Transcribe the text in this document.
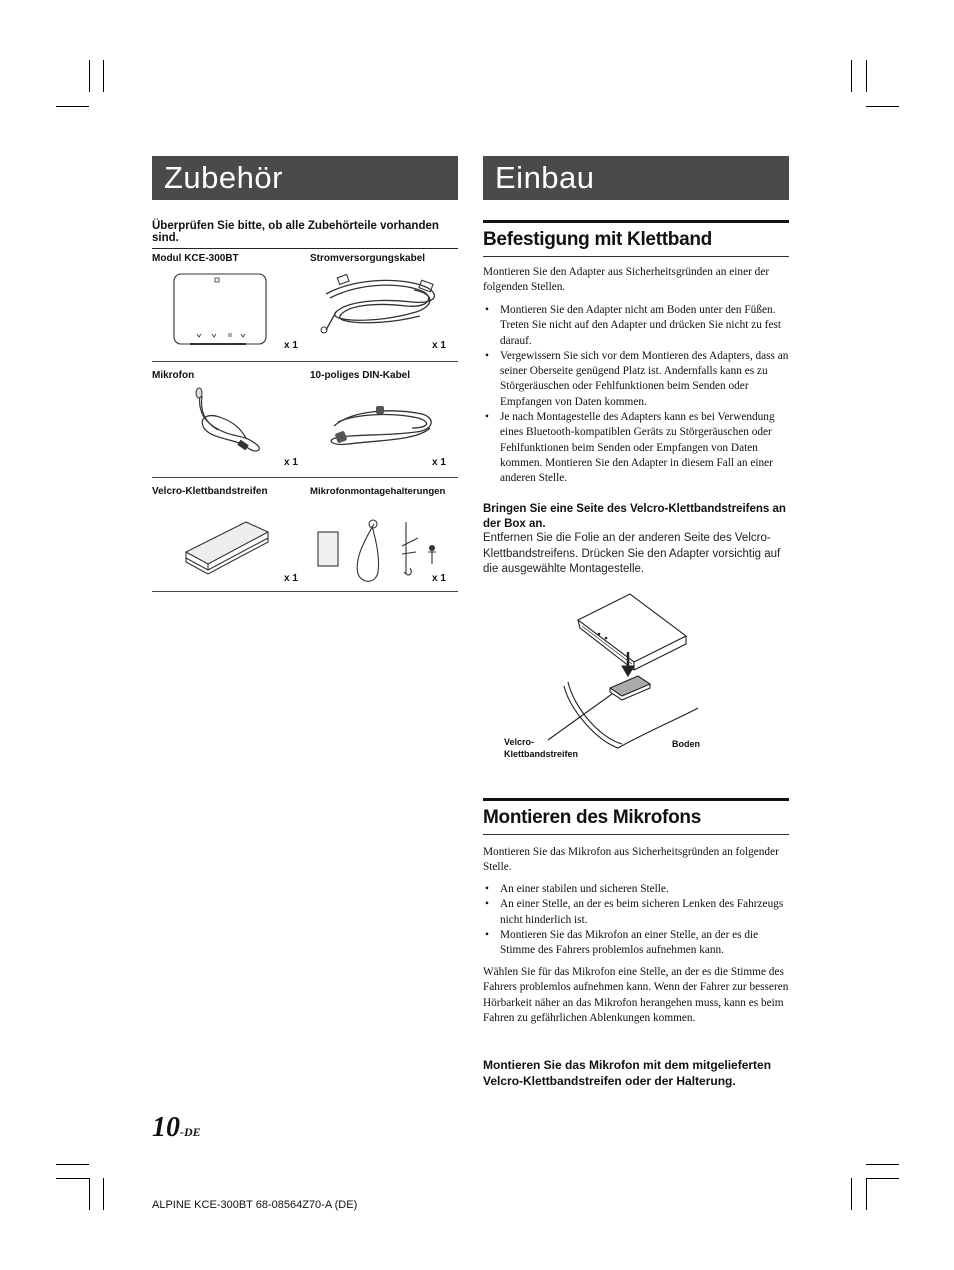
Zubehör
Überprüfen Sie bitte, ob alle Zubehörteile vorhanden sind.
Modul KCE-300BT	Stromversorgungskabel
x 1	x 1
Mikrofon	10-poliges DIN-Kabel
x 1	x 1
Velcro-Klettbandstreifen	Mikrofonmontagehalterungen
x 1	x 1
Einbau
Befestigung mit Klettband
Montieren Sie den Adapter aus Sicherheitsgründen an einer der folgenden Stellen.
• Montieren Sie den Adapter nicht am Boden unter den Füßen. Treten Sie nicht auf den Adapter und drücken Sie nicht zu fest darauf.
• Vergewissern Sie sich vor dem Montieren des Adapters, dass an seiner Oberseite genügend Platz ist. Andernfalls kann es zu Störgeräuschen oder Fehlfunktionen beim Senden oder Empfangen von Daten kommen.
• Je nach Montagestelle des Adapters kann es bei Verwendung eines Bluetooth-kompatiblen Geräts zu Störgeräuschen oder Fehlfunktionen beim Senden oder Empfangen von Daten kommen. Montieren Sie den Adapter in diesem Fall an einer anderen Stelle.
Bringen Sie eine Seite des Velcro-Klettbandstreifens an der Box an.
Entfernen Sie die Folie an der anderen Seite des Velcro-Klettbandstreifens. Drücken Sie den Adapter vorsichtig auf die ausgewählte Montagestelle.
Velcro-
Klettbandstreifen
Boden
Montieren des Mikrofons
Montieren Sie das Mikrofon aus Sicherheitsgründen an folgender Stelle.
• An einer stabilen und sicheren Stelle.
• An einer Stelle, an der es beim sicheren Lenken des Fahrzeugs nicht hinderlich ist.
• Montieren Sie das Mikrofon an einer Stelle, an der es die Stimme des Fahrers problemlos aufnehmen kann.
Wählen Sie für das Mikrofon eine Stelle, an der es die Stimme des Fahrers problemlos aufnehmen kann. Wenn der Fahrer zur besseren Hörbarkeit näher an das Mikrofon herangehen muss, kann es beim Fahren zu gefährlichen Ablenkungen kommen.
Montieren Sie das Mikrofon mit dem mitgelieferten Velcro-Klettbandstreifen oder der Halterung.
10-DE
ALPINE KCE-300BT 68-08564Z70-A (DE)
